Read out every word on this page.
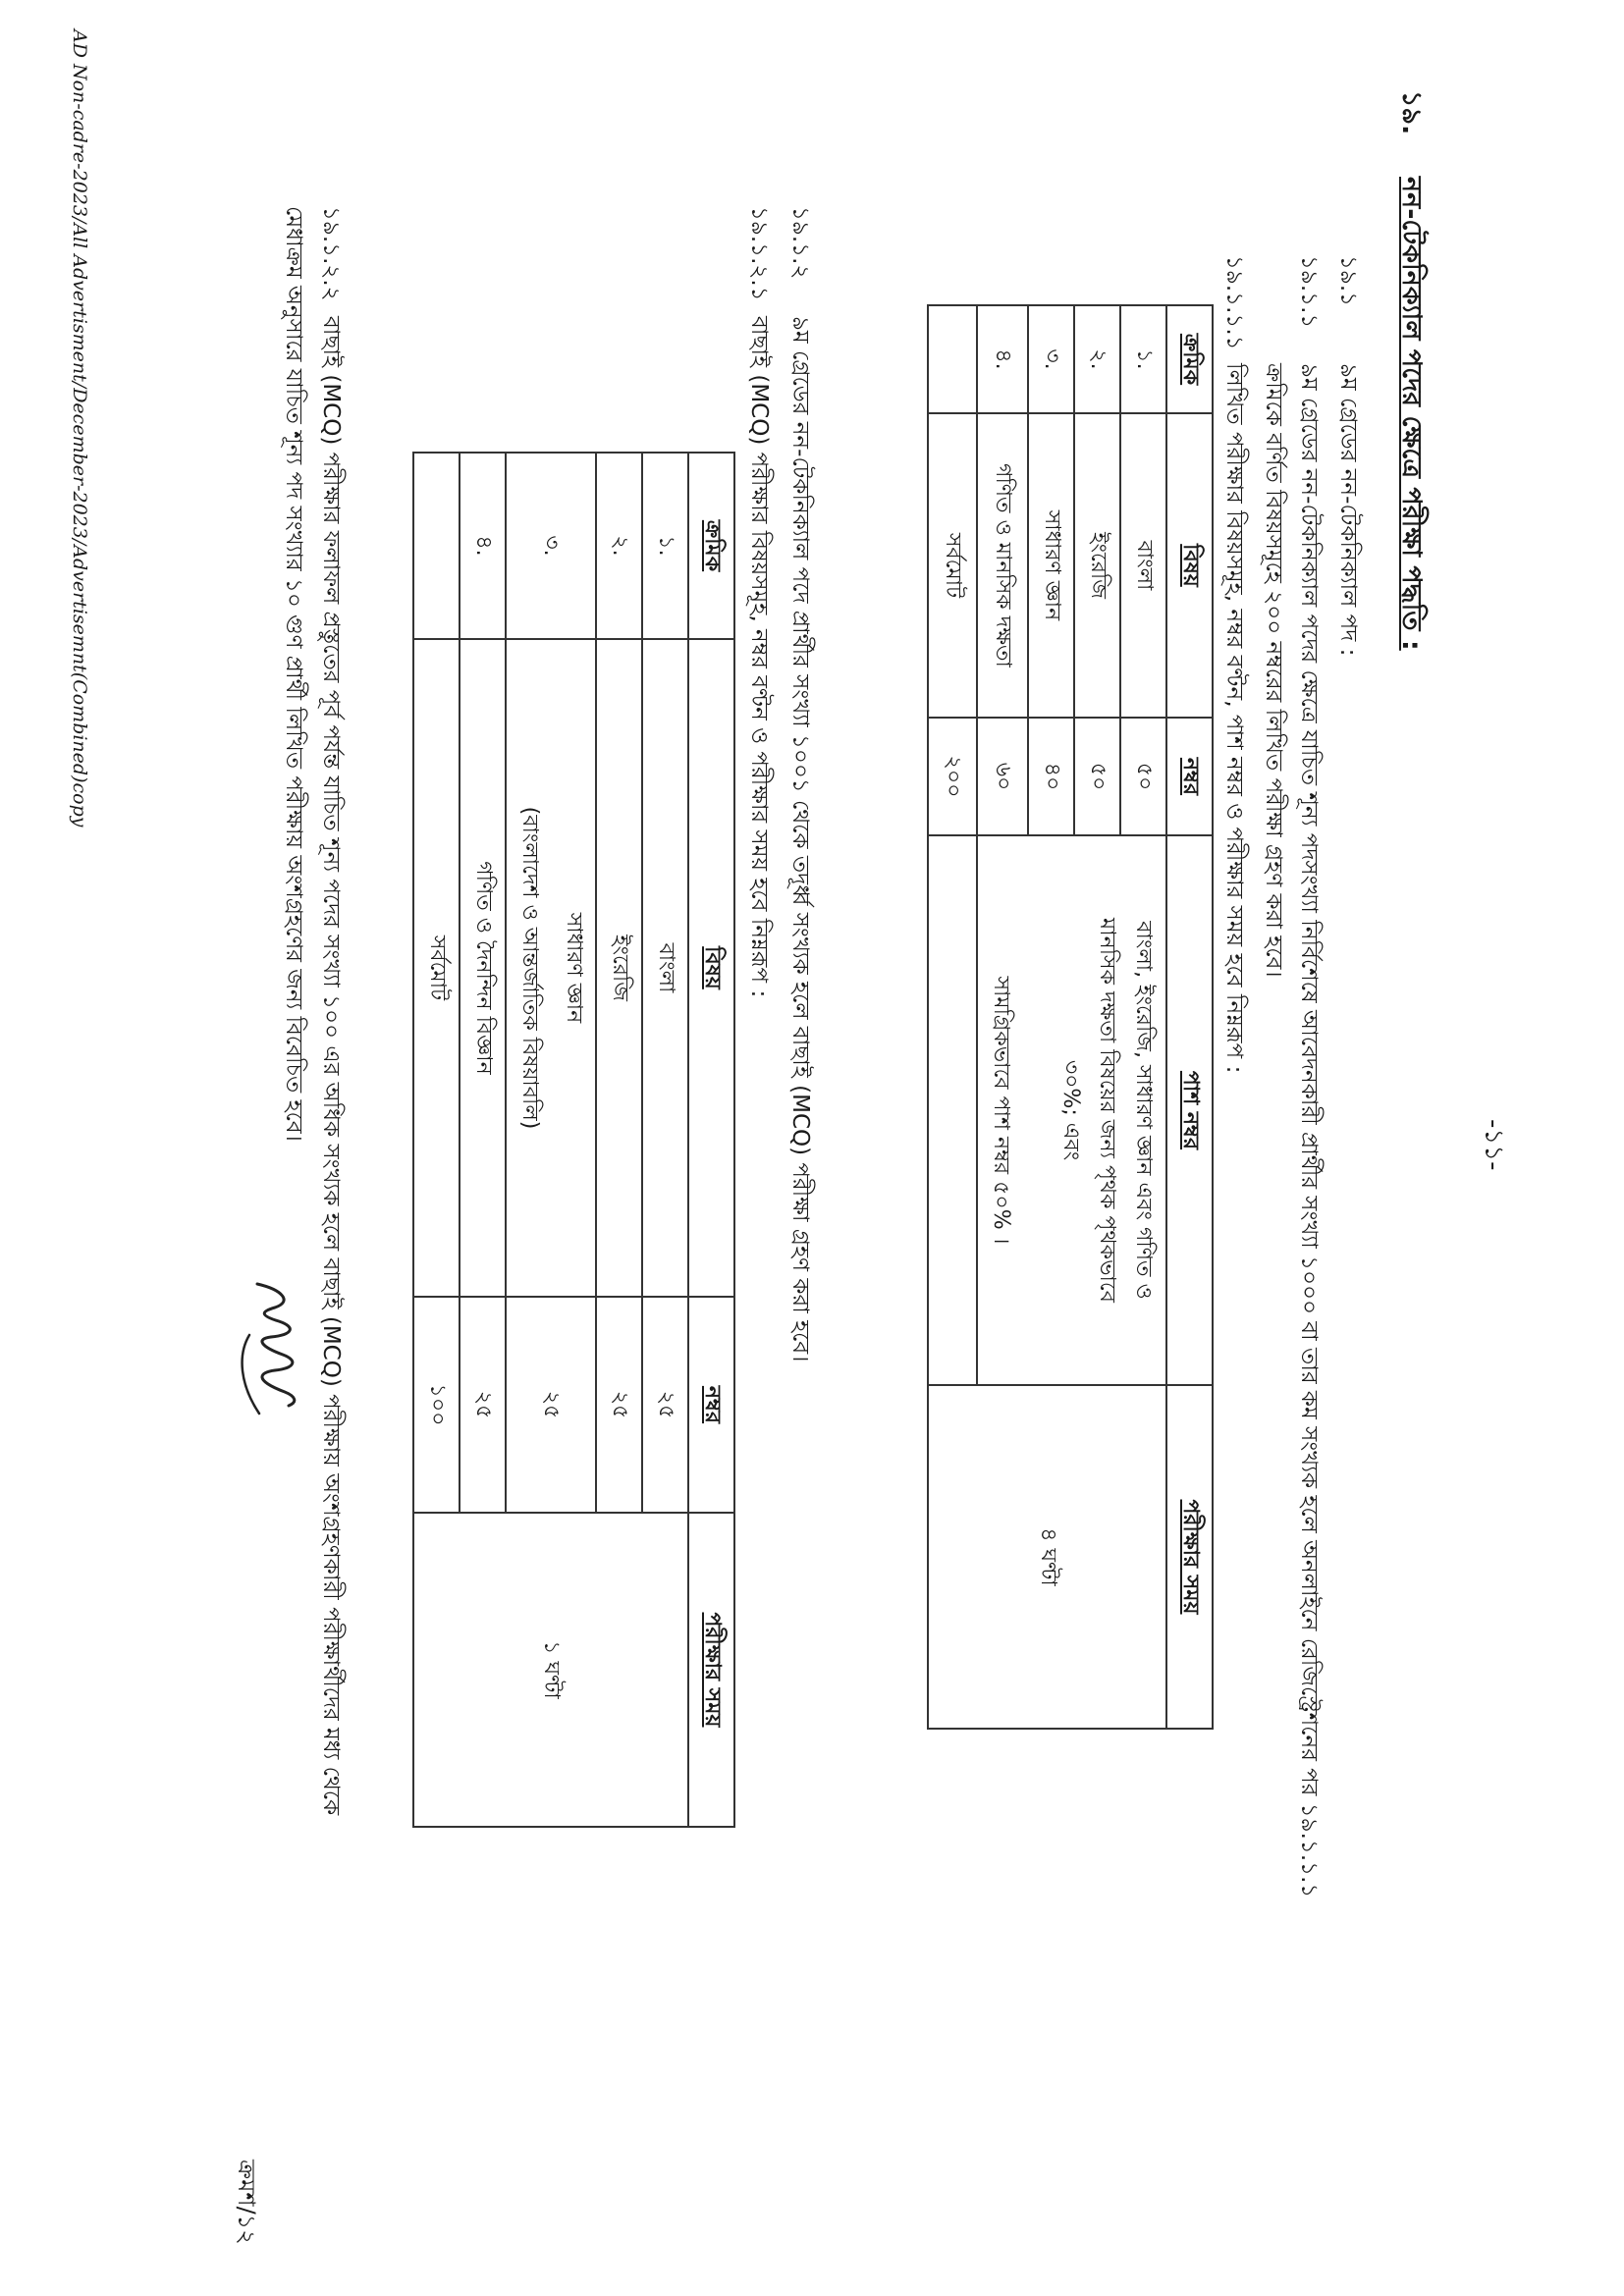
-১১-
১৯.
নন-টেকনিক্যাল পদের ক্ষেত্রে পরীক্ষা পদ্ধতি :
১৯.১
৯ম গ্রেডের নন-টেকনিক্যাল পদ :
১৯.১.১
৯ম গ্রেডের নন-টেকনিক্যাল পদের ক্ষেত্রে যাচিত শূন্য পদসংখ্যা নির্বিশেষে আবেদনকারী প্রার্থীর সংখ্যা ১০০০ বা তার কম সংখ্যক হলে অনলাইনে রেজিস্ট্রেশনের পর ১৯.১.১.১
ক্রমিকে বর্ণিত বিষয়সমূহে ২০০ নম্বরের লিখিত পরীক্ষা গ্রহণ করা হবে।
১৯.১.১.১
লিখিত পরীক্ষার বিষয়সমূহ, নম্বর বণ্টন, পাশ নম্বর ও পরীক্ষার সময় হবে নিম্নরূপ :
ক্রমিক	বিষয়	নম্বর	পাশ নম্বর	পরীক্ষার সময়
১.	বাংলা	৫০	বাংলা, ইংরেজি, সাধারণ জ্ঞান এবং গণিত ও
মানসিক দক্ষতা বিষয়ের জন্য পৃথক পৃথকভাবে
৩০%; এবং
সামগ্রিকভাবে পাশ নম্বর ৫০% ।	৪ ঘণ্টা
২.	ইংরেজি	৫০		
৩.	সাধারণ জ্ঞান	৪০		
৪.	গণিত ও মানসিক দক্ষতা	৬০		
	সর্বমোট	২০০		
১৯.১.২
৯ম গ্রেডের নন-টেকনিক্যাল পদে প্রার্থীর সংখ্যা ১০০১ থেকে তদূর্ধ্ব সংখ্যক হলে বাছাই (MCQ) পরীক্ষা গ্রহণ করা হবে।
১৯.১.২.১
বাছাই (MCQ) পরীক্ষার বিষয়সমূহ, নম্বর বণ্টন ও পরীক্ষার সময় হবে নিম্নরূপ :
ক্রমিক	বিষয়	নম্বর	পরীক্ষার সময়
১.	বাংলা	২৫	১ ঘণ্টা
২.	ইংরেজি	২৫	
৩.	সাধারণ জ্ঞান
(বাংলাদেশ ও আন্তর্জাতিক বিষয়াবলি)	২৫	
৪.	গণিত ও দৈনন্দিন বিজ্ঞান	২৫	
	সর্বমোট	১০০	
১৯.১.২.২
বাছাই (MCQ) পরীক্ষার ফলাফল প্রস্তুতের পূর্ব পর্যন্ত যাচিত শূন্য পদের সংখ্যা ১০০ এর অধিক সংখ্যক হলে বাছাই (MCQ) পরীক্ষায় অংশগ্রহণকারী পরীক্ষার্থীদের মধ্য থেকে
মেধাক্রম অনুসারে যাচিত শূন্য পদ সংখ্যার ১০ গুণ প্রার্থী লিখিত পরীক্ষায় অংশগ্রহণের জন্য বিবেচিত হবে।
ক্রমশ/১২
AD Non-cadre-2023/All Advertisment/December-2023/Advertisemnt(Combined)copy
